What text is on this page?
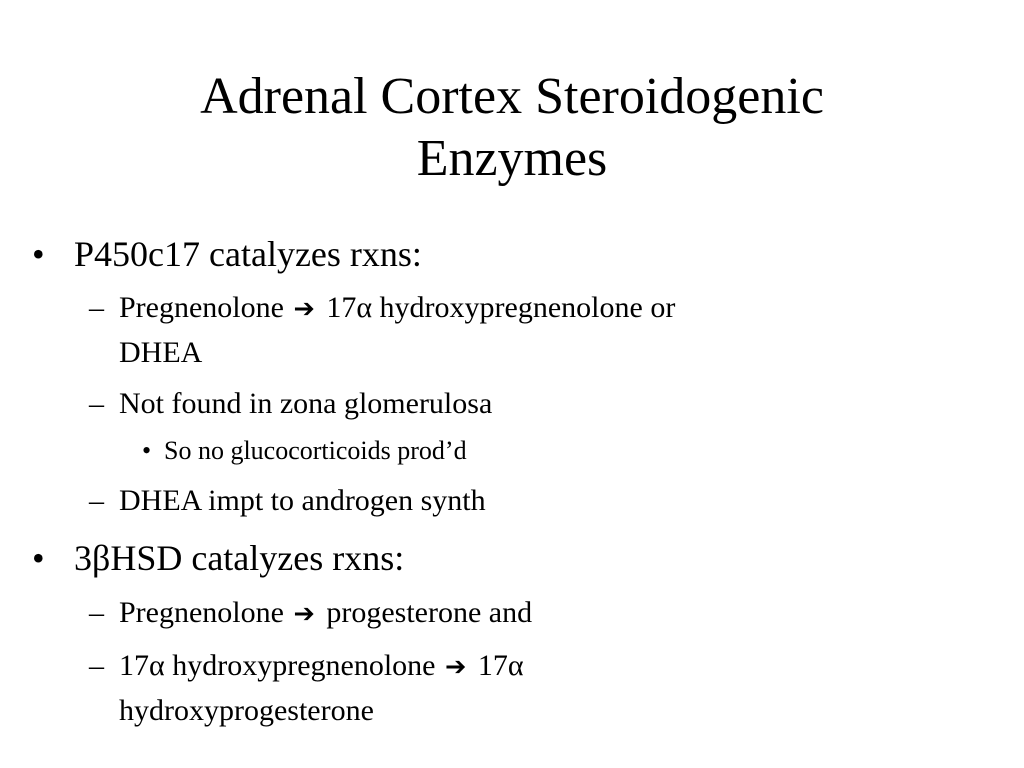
Adrenal Cortex Steroidogenic
Enzymes
• P450c17 catalyzes rxns:
– Pregnenolone ➔ 17α hydroxypregnenolone or
DHEA
– Not found in zona glomerulosa
• So no glucocorticoids prod’d
– DHEA impt to androgen synth
• 3βHSD catalyzes rxns:
– Pregnenolone ➔ progesterone and
– 17α hydroxypregnenolone ➔ 17α
hydroxyprogesterone
